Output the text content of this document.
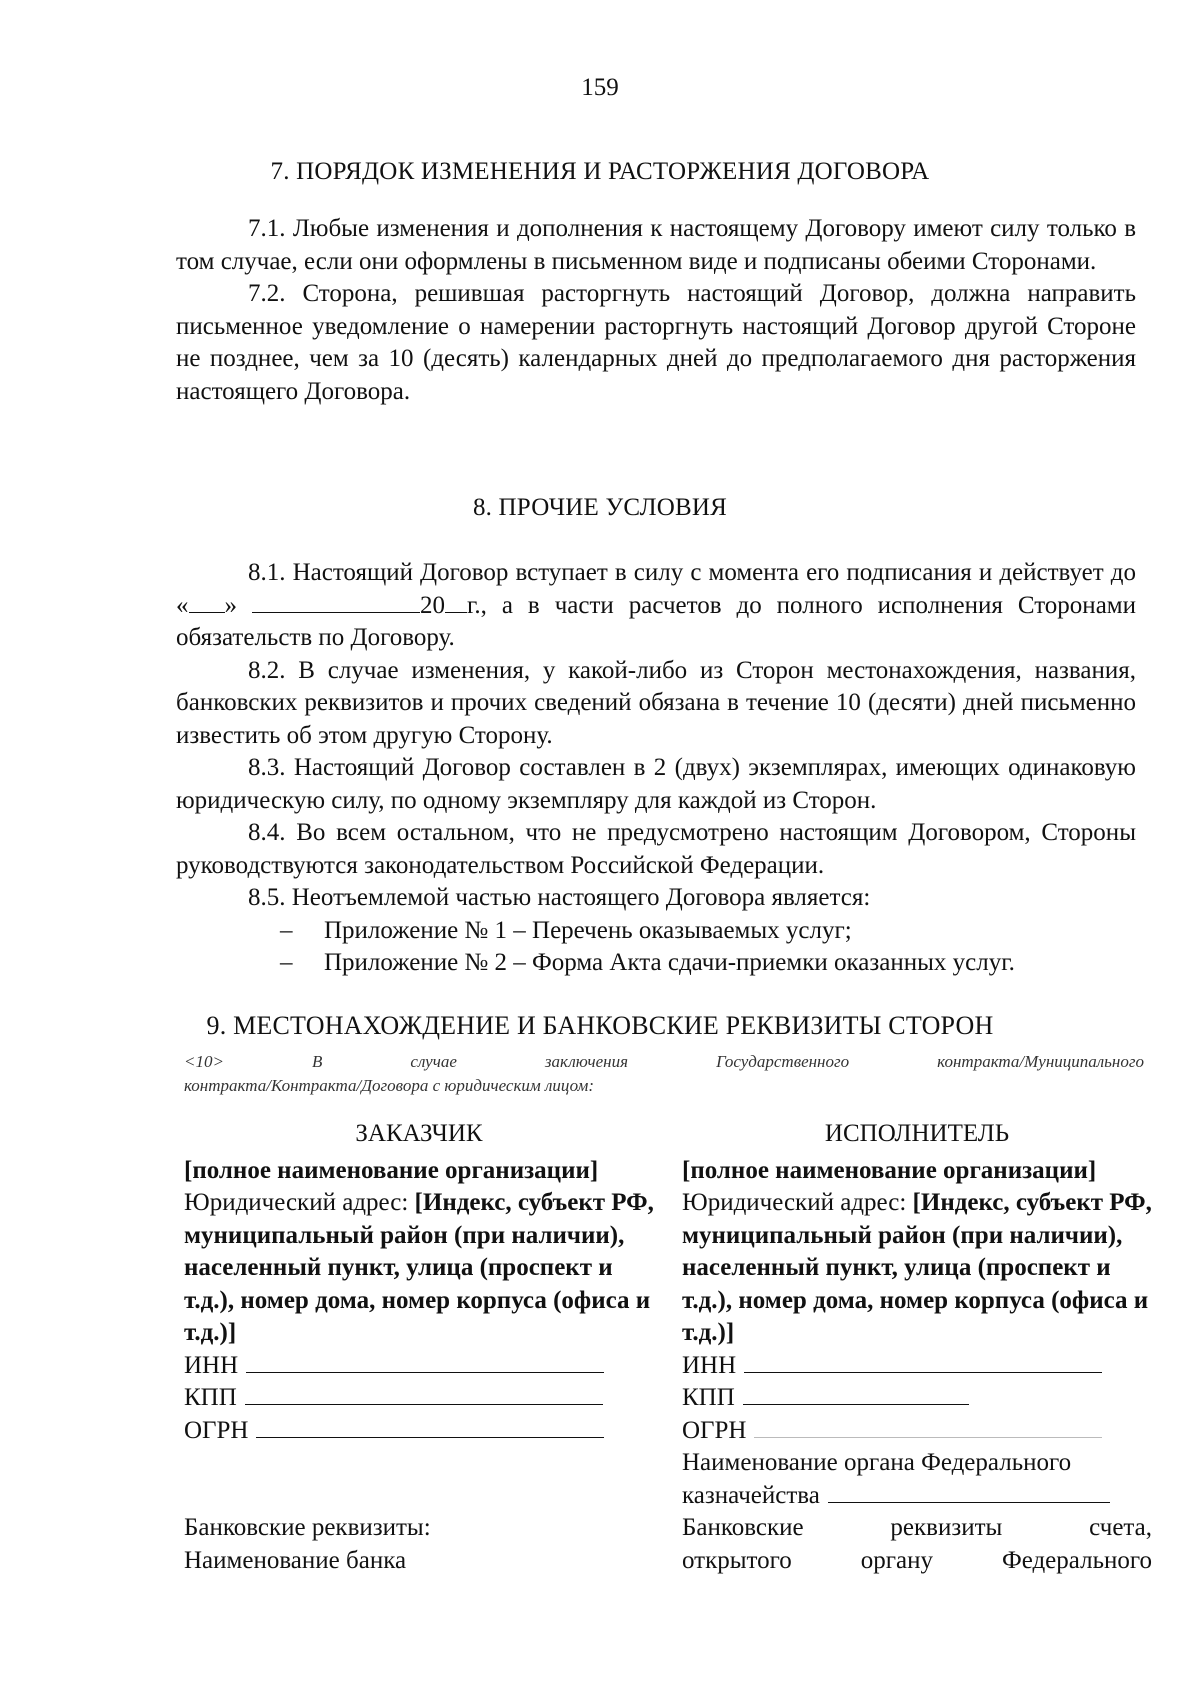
159
7. ПОРЯДОК ИЗМЕНЕНИЯ И РАСТОРЖЕНИЯ ДОГОВОРА

7.1. Любые изменения и дополнения к настоящему Договору имеют силу только в том случае, если они оформлены в письменном виде и подписаны обеими Сторонами.

7.2. Сторона, решившая расторгнуть настоящий Договор, должна направить письменное уведомление о намерении расторгнуть настоящий Договор другой Стороне не позднее, чем за 10 (десять) календарных дней до предполагаемого дня расторжения настоящего Договора.

8. ПРОЧИЕ УСЛОВИЯ

8.1. Настоящий Договор вступает в силу с момента его подписания и действует до « »	20 г., а в части расчетов до полного исполнения Сторонами обязательств по Договору.

8.2. В случае изменения, у какой-либо из Сторон местонахождения, названия, банковских реквизитов и прочих сведений обязана в течение 10 (десяти) дней письменно известить об этом другую Сторону.

8.3. Настоящий Договор составлен в 2 (двух) экземплярах, имеющих одинаковую юридическую силу, по одному экземпляру для каждой из Сторон.

8.4. Во всем остальном, что не предусмотрено настоящим Договором, Стороны руководствуются законодательством Российской Федерации.

8.5. Неотъемлемой частью настоящего Договора является:

– Приложение № 1 – Перечень оказываемых услуг;
– Приложение № 2 – Форма Акта сдачи-приемки оказанных услуг.
9. МЕСТОНАХОЖДЕНИЕ И БАНКОВСКИЕ РЕКВИЗИТЫ СТОРОН
<10> В случае заключения Государственного контракта/Муниципального
контракта/Контракта/Договора с юридическим лицом:
ЗАКАЗЧИК
[полное наименование организации]
Юридический адрес: [Индекс, субъект РФ, муниципальный район (при наличии), населенный пункт, улица (проспект и т.д.), номер дома, номер корпуса (офиса и т.д.)]
ИНН
КПП
ОГРН
Банковские реквизиты:
Наименование банка
ИСПОЛНИТЕЛЬ
[полное наименование организации]
Юридический адрес: [Индекс, субъект РФ, муниципальный район (при наличии), населенный пункт, улица (проспект и т.д.), номер дома, номер корпуса (офиса и т.д.)]
ИНН
КПП
ОГРН
Наименование органа Федерального
казначейства
Банковские	реквизиты	счета,
открытого	органу	Федерального
